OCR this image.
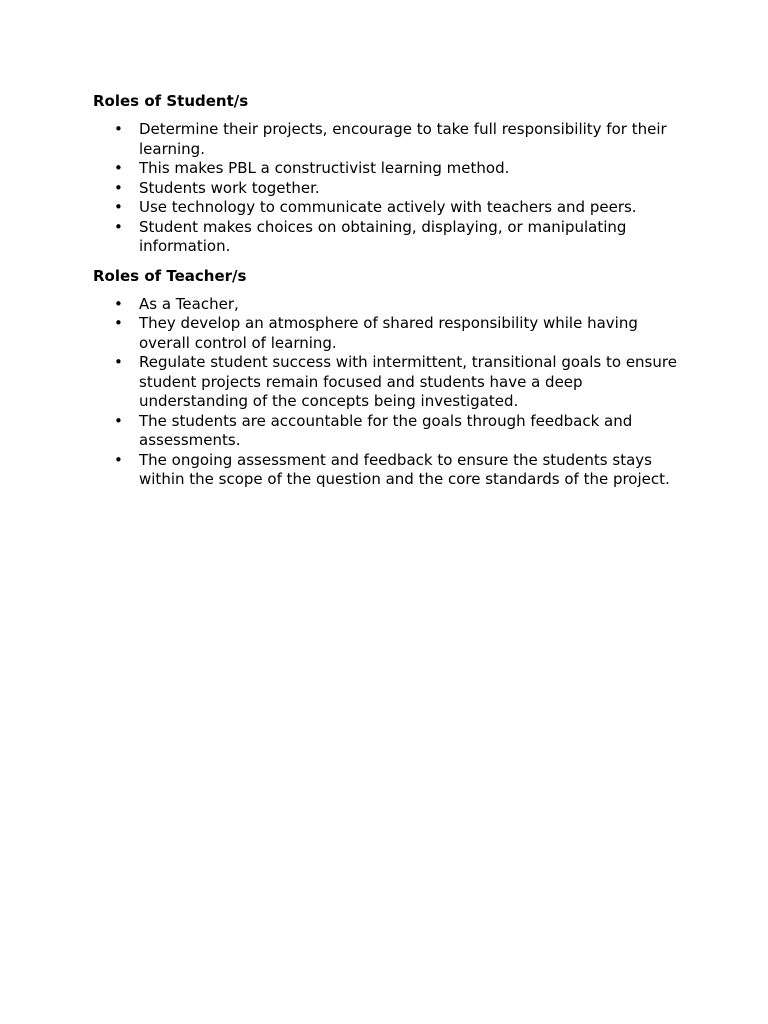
Roles of Student/s
• Determine their projects, encourage to take full responsibility for their learning.
• This makes PBL a constructivist learning method.
• Students work together.
• Use technology to communicate actively with teachers and peers.
• Student makes choices on obtaining, displaying, or manipulating information.
Roles of Teacher/s
• As a Teacher,
• They develop an atmosphere of shared responsibility while having overall control of learning.
• Regulate student success with intermittent, transitional goals to ensure student projects remain focused and students have a deep understanding of the concepts being investigated.
• The students are accountable for the goals through feedback and assessments.
• The ongoing assessment and feedback to ensure the students stays within the scope of the question and the core standards of the project.
